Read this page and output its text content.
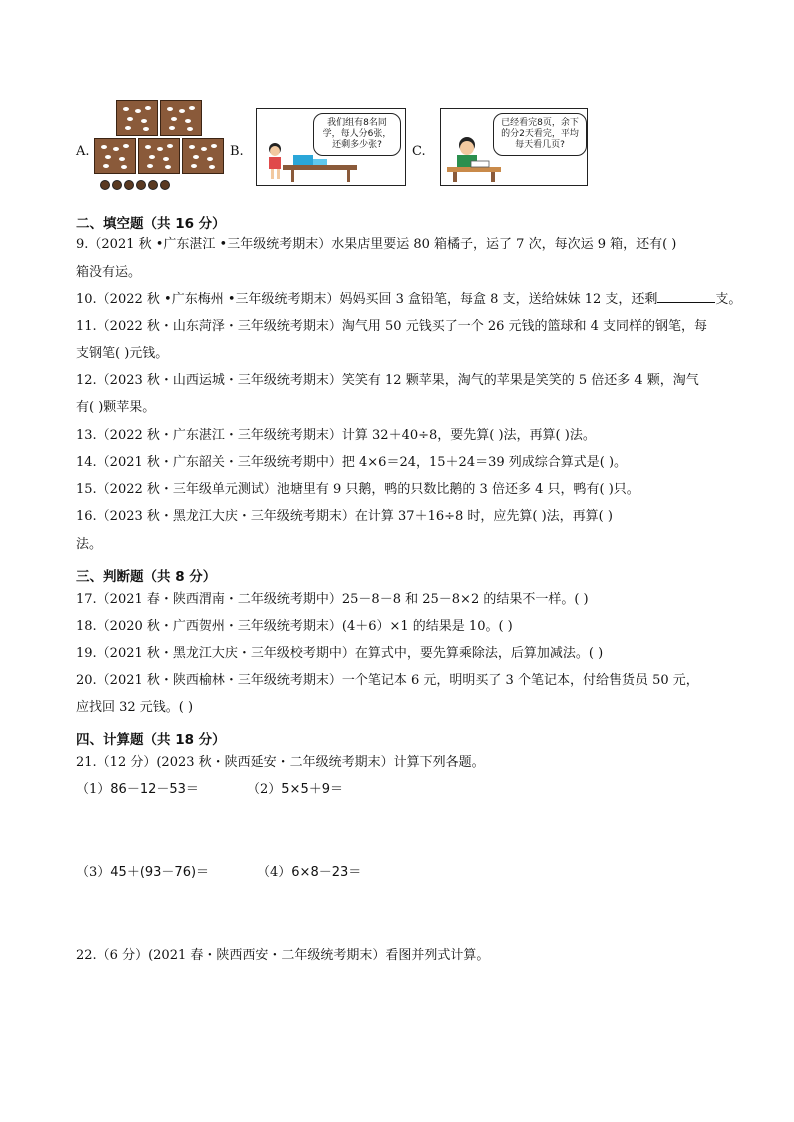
A.	B.
我们组有8名同学，每人分6张，还剩多少张?	C.
已经看完8页，余下的分2天看完，平均每天看几页?
二、填空题（共 16 分）
9.（2021 秋 •广东湛江 •三年级统考期末）水果店里要运 80 箱橘子，运了 7 次，每次运 9 箱，还有( )
箱没有运。
10.（2022 秋 •广东梅州 •三年级统考期末）妈妈买回 3 盒铅笔，每盒 8 支，送给妹妹 12 支，还剩	支。
11.（2022 秋・山东菏泽・三年级统考期末）淘气用 50 元钱买了一个 26 元钱的篮球和 4 支同样的钢笔，每
支钢笔( )元钱。
12.（2023 秋・山西运城・三年级统考期末）笑笑有 12 颗苹果，淘气的苹果是笑笑的 5 倍还多 4 颗，淘气
有( )颗苹果。
13.（2022 秋・广东湛江・三年级统考期末）计算 32＋40÷8，要先算( )法，再算( )法。
14.（2021 秋・广东韶关・三年级统考期中）把 4×6＝24，15＋24＝39 列成综合算式是( )。
15.（2022 秋・三年级单元测试）池塘里有 9 只鹅，鸭的只数比鹅的 3 倍还多 4 只，鸭有( )只。
16.（2023 秋・黑龙江大庆・三年级统考期末）在计算 37＋16÷8 时，应先算( )法，再算( )
法。
三、判断题（共 8 分）
17.（2021 春・陕西渭南・二年级统考期中）25－8－8 和 25－8×2 的结果不一样。( )
18.（2020 秋・广西贺州・三年级统考期末）(4＋6）×1 的结果是 10。( )
19.（2021 秋・黑龙江大庆・三年级校考期中）在算式中，要先算乘除法，后算加减法。( )
20.（2021 秋・陕西榆林・三年级统考期末）一个笔记本 6 元，明明买了 3 个笔记本，付给售货员 50 元，
应找回 32 元钱。( )
四、计算题（共 18 分）
21.（12 分）(2023 秋・陕西延安・二年级统考期末）计算下列各题。
（1）86－12－53＝	（2）5×5＋9＝
（3）45＋(93－76)＝	（4）6×8－23＝
22.（6 分）(2021 春・陕西西安・二年级统考期末）看图并列式计算。
